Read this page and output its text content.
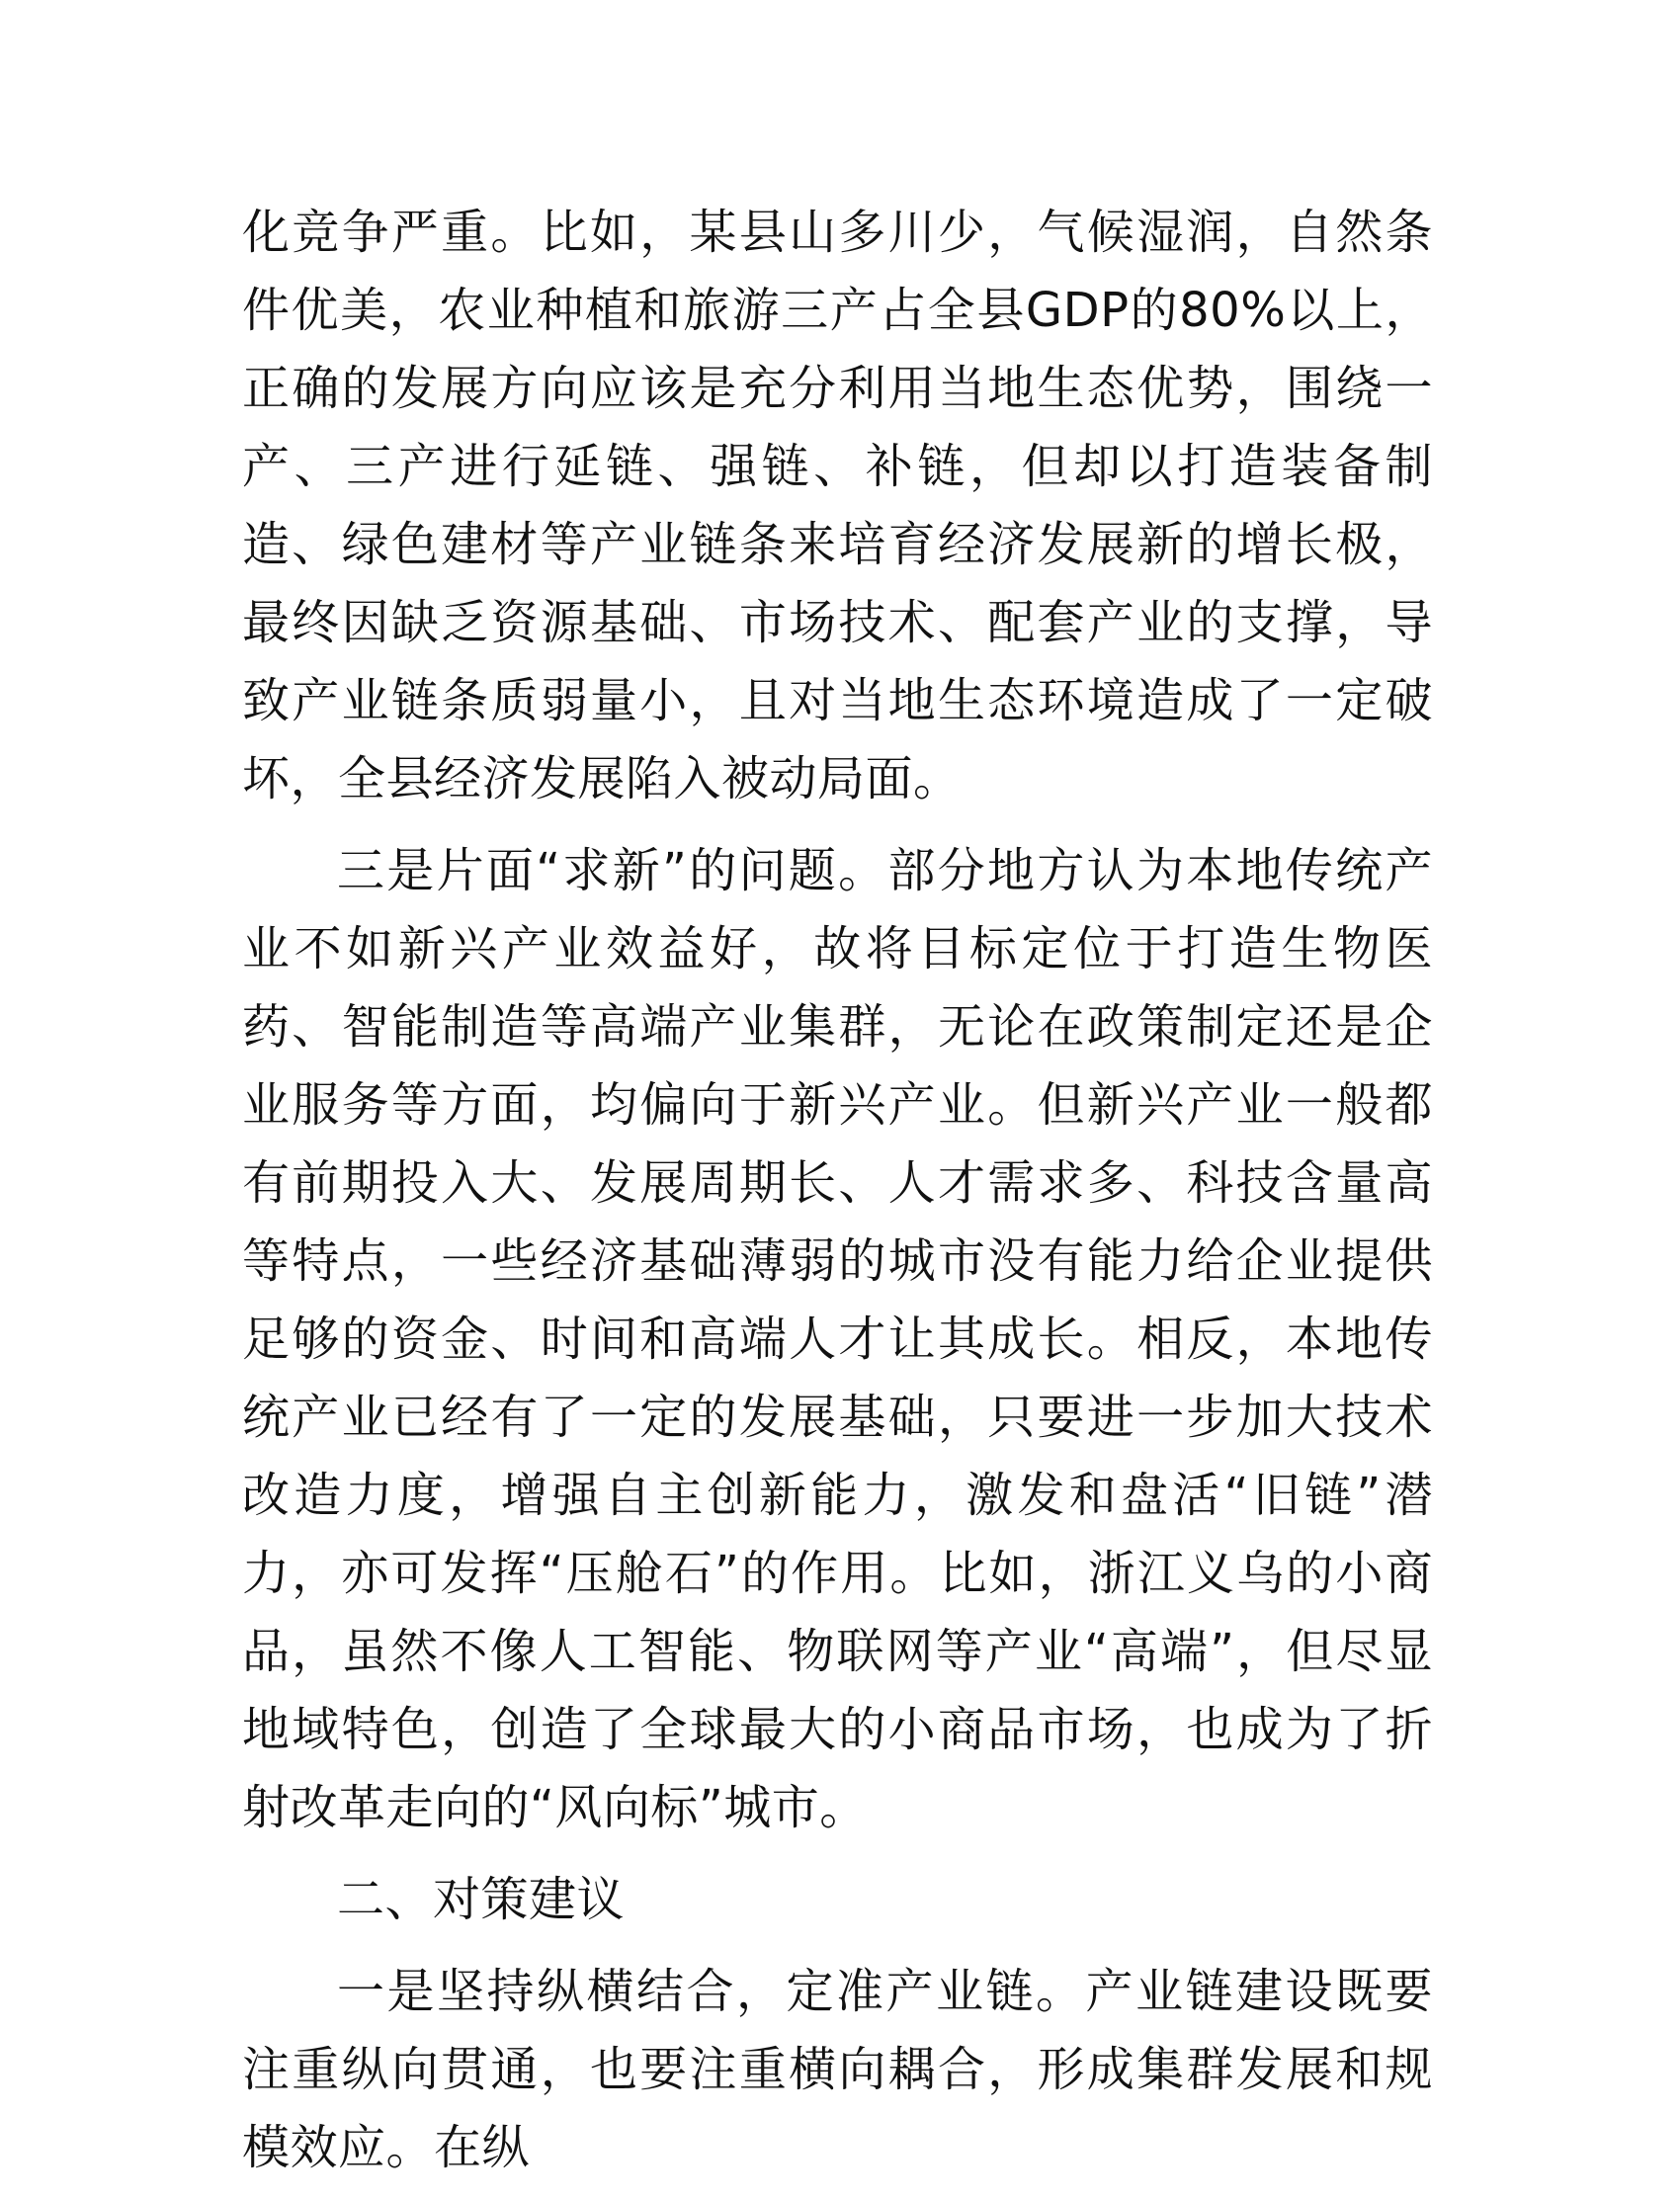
化竞争严重。比如，某县山多川少，气候湿润，自然条件优美，农业种植和旅游三产占全县GDP的80%以上，正确的发展方向应该是充分利用当地生态优势，围绕一产、三产进行延链、强链、补链，但却以打造装备制造、绿色建材等产业链条来培育经济发展新的增长极，最终因缺乏资源基础、市场技术、配套产业的支撑，导致产业链条质弱量小，且对当地生态环境造成了一定破坏，全县经济发展陷入被动局面。

三是片面“求新”的问题。部分地方认为本地传统产业不如新兴产业效益好，故将目标定位于打造生物医药、智能制造等高端产业集群，无论在政策制定还是企业服务等方面，均偏向于新兴产业。但新兴产业一般都有前期投入大、发展周期长、人才需求多、科技含量高等特点，一些经济基础薄弱的城市没有能力给企业提供足够的资金、时间和高端人才让其成长。相反，本地传统产业已经有了一定的发展基础，只要进一步加大技术改造力度，增强自主创新能力，激发和盘活“旧链”潜力，亦可发挥“压舱石”的作用。比如，浙江义乌的小商品，虽然不像人工智能、物联网等产业“高端”，但尽显地域特色，创造了全球最大的小商品市场，也成为了折射改革走向的“风向标”城市。

二、对策建议

一是坚持纵横结合，定准产业链。产业链建设既要注重纵向贯通，也要注重横向耦合，形成集群发展和规模效应。在纵
